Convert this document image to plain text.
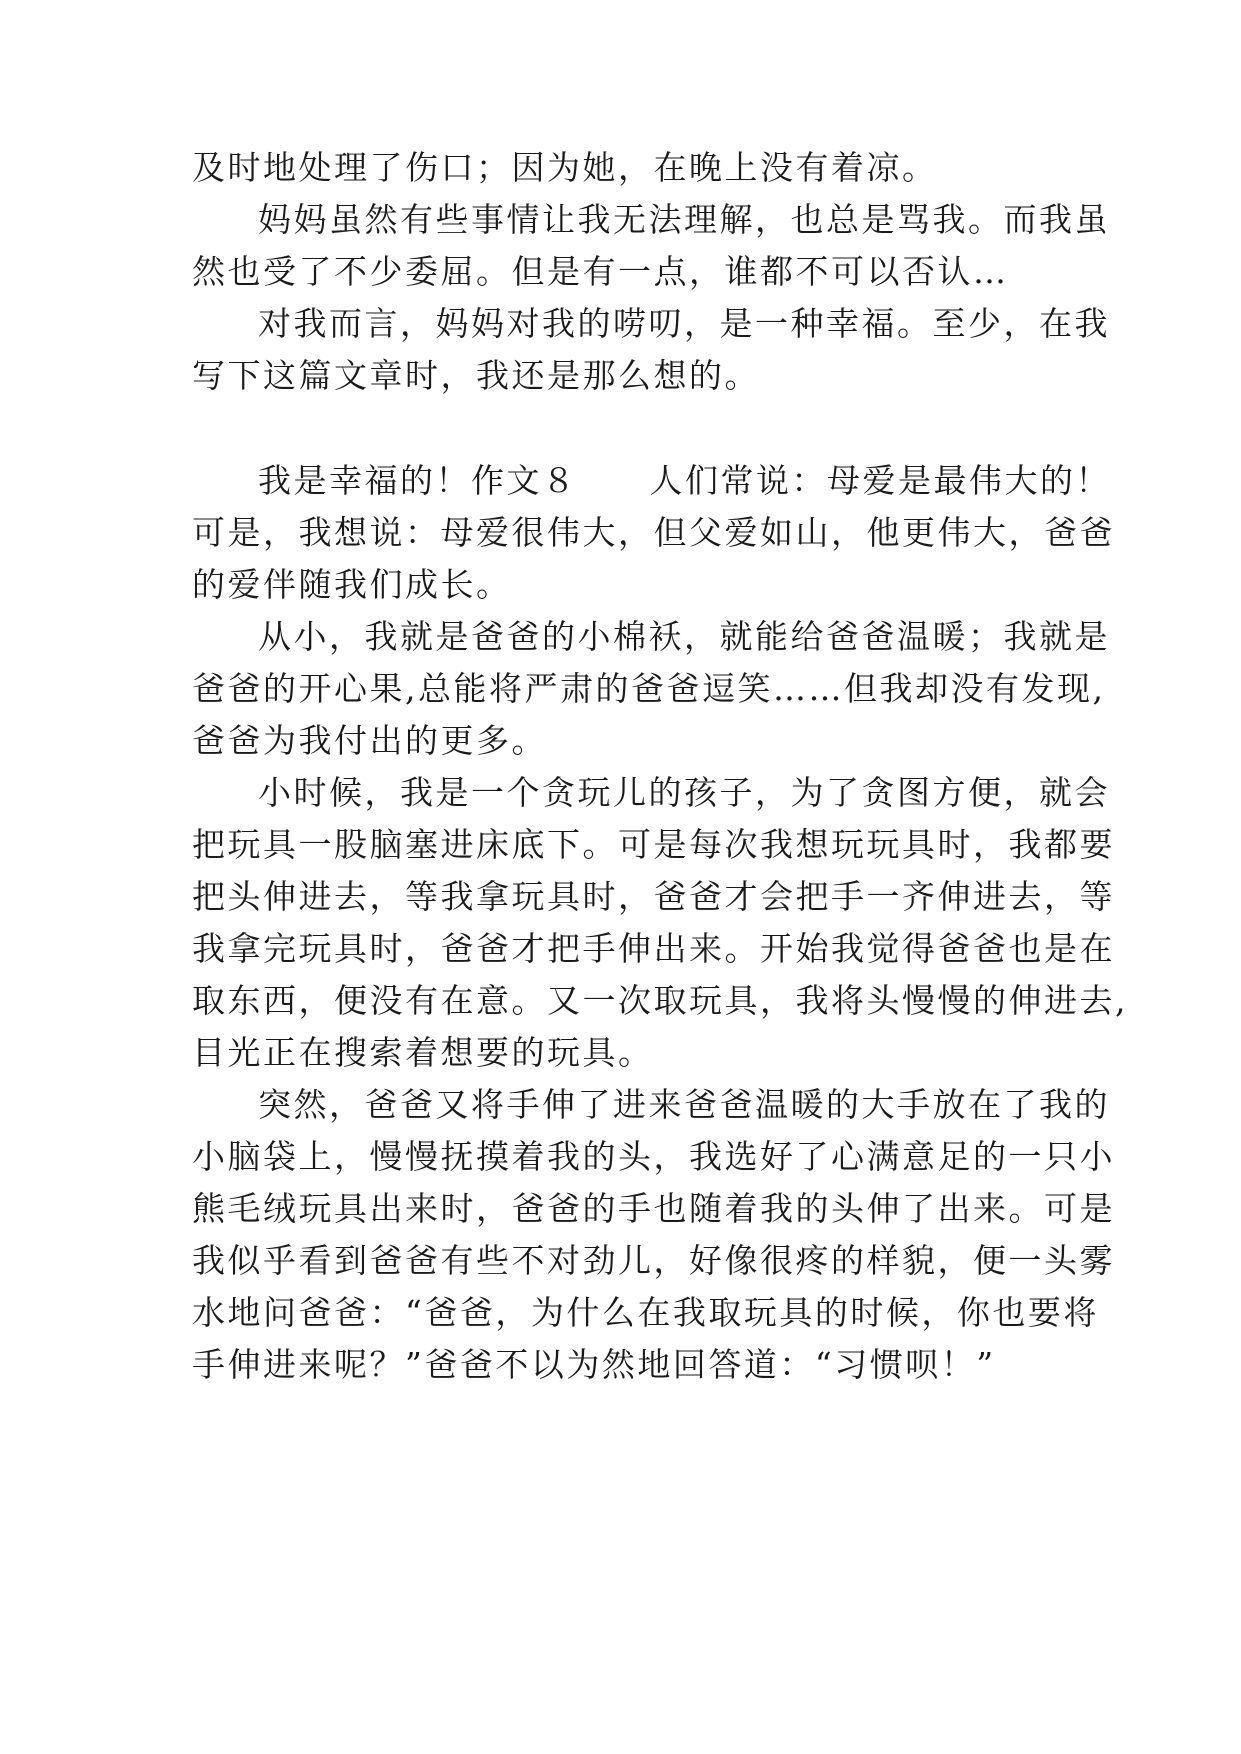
及时地处理了伤口；因为她，在晚上没有着凉。
妈妈虽然有些事情让我无法理解，也总是骂我。而我虽
然也受了不少委屈。但是有一点，谁都不可以否认…
对我而言，妈妈对我的唠叨，是一种幸福。至少，在我
写下这篇文章时，我还是那么想的。
我是幸福的！作文８ 人们常说：母爱是最伟大的！
可是，我想说：母爱很伟大，但父爱如山，他更伟大，爸爸
的爱伴随我们成长。
从小，我就是爸爸的小棉袄，就能给爸爸温暖；我就是
爸爸的开心果,总能将严肃的爸爸逗笑……但我却没有发现,
爸爸为我付出的更多。
小时候，我是一个贪玩儿的孩子，为了贪图方便，就会
把玩具一股脑塞进床底下。可是每次我想玩玩具时，我都要
把头伸进去，等我拿玩具时，爸爸才会把手一齐伸进去，等
我拿完玩具时，爸爸才把手伸出来。开始我觉得爸爸也是在
取东西，便没有在意。又一次取玩具，我将头慢慢的伸进去,
目光正在搜索着想要的玩具。
突然，爸爸又将手伸了进来爸爸温暖的大手放在了我的
小脑袋上，慢慢抚摸着我的头，我选好了心满意足的一只小
熊毛绒玩具出来时，爸爸的手也随着我的头伸了出来。可是
我似乎看到爸爸有些不对劲儿，好像很疼的样貌，便一头雾
水地问爸爸：“爸爸，为什么在我取玩具的时候，你也要将
手伸进来呢？”爸爸不以为然地回答道：“习惯呗！”
